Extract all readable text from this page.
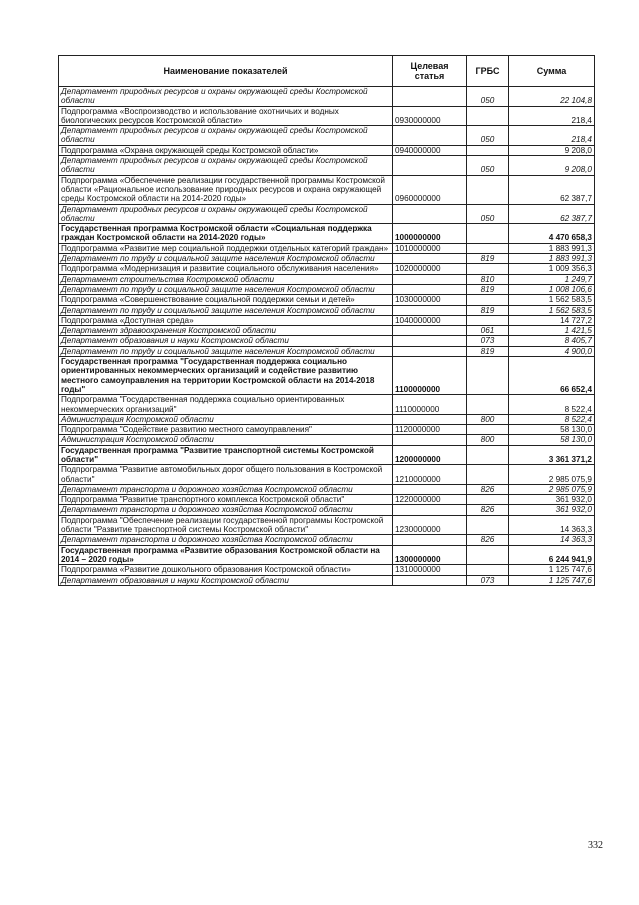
Наименование показателей	Целевая статья	ГРБС	Сумма
Департамент природных ресурсов и охраны окружающей среды Костромской области		050	22 104,8
Подпрограмма «Воспроизводство и использование охотничьих и водных биологических ресурсов Костромской области»	0930000000		218,4
Департамент природных ресурсов и охраны окружающей среды Костромской области		050	218,4
Подпрограмма «Охрана окружающей среды Костромской области»	0940000000		9 208,0
Департамент природных ресурсов и охраны окружающей среды Костромской области		050	9 208,0
Подпрограмма «Обеспечение реализации государственной программы Костромской области «Рациональное использование природных ресурсов и охрана окружающей среды Костромской области на 2014-2020 годы»	0960000000		62 387,7
Департамент природных ресурсов и охраны окружающей среды Костромской области		050	62 387,7
Государственная программа Костромской области «Социальная поддержка граждан Костромской области на 2014-2020 годы»	1000000000		4 470 658,3
Подпрограмма «Развитие мер социальной поддержки отдельных категорий граждан»	1010000000		1 883 991,3
Департамент по труду и социальной защите населения Костромской области		819	1 883 991,3
Подпрограмма «Модернизация и развитие социального обслуживания населения»	1020000000		1 009 356,3
Департамент строительства Костромской области		810	1 249,7
Департамент по труду и социальной защите населения Костромской области		819	1 008 106,6
Подпрограмма «Совершенствование социальной поддержки семьи и детей»	1030000000		1 562 583,5
Департамент по труду и социальной защите населения Костромской области		819	1 562 583,5
Подпрограмма «Доступная среда»	1040000000		14 727,2
Департамент здравоохранения Костромской области		061	1 421,5
Департамент образования и науки Костромской области		073	8 405,7
Департамент по труду и социальной защите населения Костромской области		819	4 900,0
Государственная программа "Государственная поддержка социально ориентированных некоммерческих организаций и содействие развитию местного самоуправления на территории Костромской области на 2014-2018 годы"	1100000000		66 652,4
Подпрограмма "Государственная поддержка социально ориентированных некоммерческих организаций"	1110000000		8 522,4
Администрация Костромской области		800	8 522,4
Подпрограмма "Содействие развитию местного самоуправления"	1120000000		58 130,0
Администрация Костромской области		800	58 130,0
Государственная программа "Развитие транспортной системы Костромской области"	1200000000		3 361 371,2
Подпрограмма "Развитие автомобильных дорог общего пользования в Костромской области"	1210000000		2 985 075,9
Департамент транспорта и дорожного хозяйства Костромской области		826	2 985 075,9
Подпрограмма "Развитие транспортного комплекса Костромской области"	1220000000		361 932,0
Департамент транспорта и дорожного хозяйства Костромской области		826	361 932,0
Подпрограмма "Обеспечение реализации государственной программы Костромской области "Развитие транспортной системы Костромской области"	1230000000		14 363,3
Департамент транспорта и дорожного хозяйства Костромской области		826	14 363,3
Государственная программа «Развитие образования Костромской области на 2014 – 2020 годы»	1300000000		6 244 941,9
Подпрограмма «Развитие дошкольного образования Костромской области»	1310000000		1 125 747,6
Департамент образования и науки Костромской области		073	1 125 747,6
332
